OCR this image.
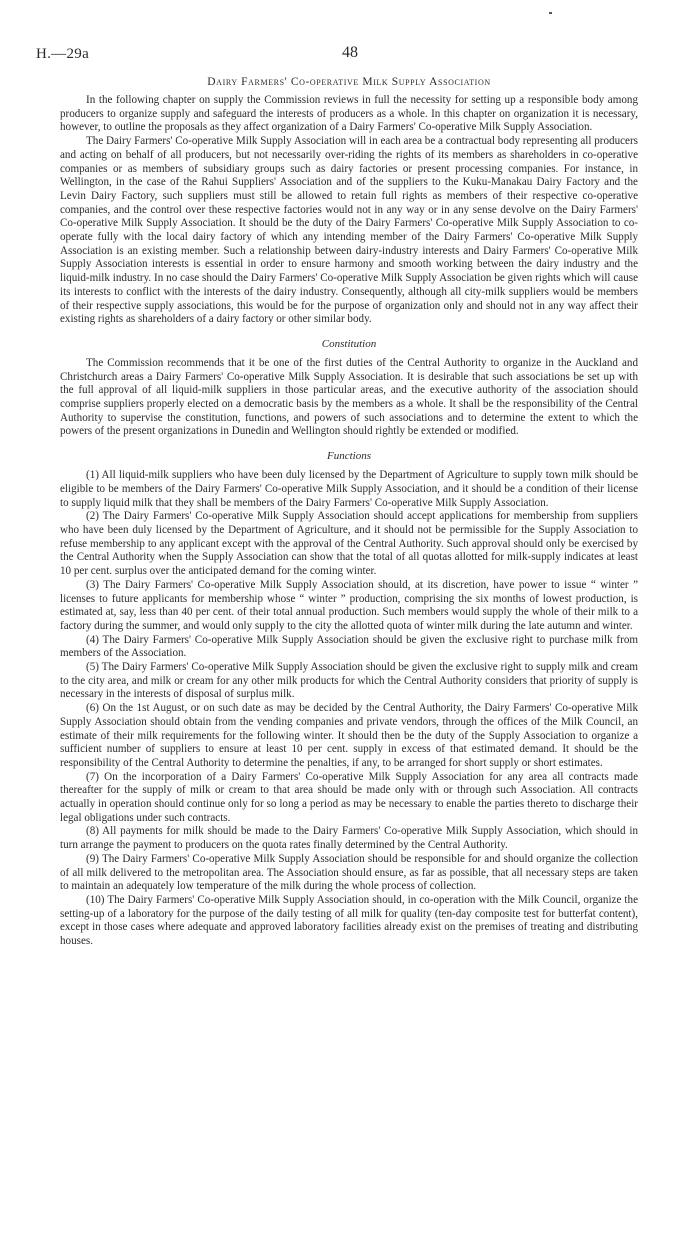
H.—29a	48
Dairy Farmers' Co-operative Milk Supply Association

In the following chapter on supply the Commission reviews in full the necessity for setting up a responsible body among producers to organize supply and safeguard the interests of producers as a whole. In this chapter on organization it is necessary, however, to outline the proposals as they affect organization of a Dairy Farmers' Co-operative Milk Supply Association.

The Dairy Farmers' Co-operative Milk Supply Association will in each area be a contractual body representing all producers and acting on behalf of all producers, but not necessarily over-riding the rights of its members as shareholders in co-operative companies or as members of subsidiary groups such as dairy factories or present processing companies. For instance, in Wellington, in the case of the Rahui Suppliers' Association and of the suppliers to the Kuku-Manakau Dairy Factory and the Levin Dairy Factory, such suppliers must still be allowed to retain full rights as members of their respective co-operative companies, and the control over these respective factories would not in any way or in any sense devolve on the Dairy Farmers' Co-operative Milk Supply Association. It should be the duty of the Dairy Farmers' Co-operative Milk Supply Association to co-operate fully with the local dairy factory of which any intending member of the Dairy Farmers' Co-operative Milk Supply Association is an existing member. Such a relationship between dairy-industry interests and Dairy Farmers' Co-operative Milk Supply Association interests is essential in order to ensure harmony and smooth working between the dairy industry and the liquid-milk industry. In no case should the Dairy Farmers' Co-operative Milk Supply Association be given rights which will cause its interests to conflict with the interests of the dairy industry. Consequently, although all city-milk suppliers would be members of their respective supply associations, this would be for the purpose of organization only and should not in any way affect their existing rights as shareholders of a dairy factory or other similar body.

Constitution

The Commission recommends that it be one of the first duties of the Central Authority to organize in the Auckland and Christchurch areas a Dairy Farmers' Co-operative Milk Supply Association. It is desirable that such associations be set up with the full approval of all liquid-milk suppliers in those particular areas, and the executive authority of the association should comprise suppliers properly elected on a democratic basis by the members as a whole. It shall be the responsibility of the Central Authority to supervise the constitution, functions, and powers of such associations and to determine the extent to which the powers of the present organizations in Dunedin and Wellington should rightly be extended or modified.

Functions

(1) All liquid-milk suppliers who have been duly licensed by the Department of Agriculture to supply town milk should be eligible to be members of the Dairy Farmers' Co-operative Milk Supply Association, and it should be a condition of their license to supply liquid milk that they shall be members of the Dairy Farmers' Co-operative Milk Supply Association.

(2) The Dairy Farmers' Co-operative Milk Supply Association should accept applications for membership from suppliers who have been duly licensed by the Department of Agriculture, and it should not be permissible for the Supply Association to refuse membership to any applicant except with the approval of the Central Authority. Such approval should only be exercised by the Central Authority when the Supply Association can show that the total of all quotas allotted for milk-supply indicates at least 10 per cent. surplus over the anticipated demand for the coming winter.

(3) The Dairy Farmers' Co-operative Milk Supply Association should, at its discretion, have power to issue “ winter ” licenses to future applicants for membership whose “ winter ” production, comprising the six months of lowest production, is estimated at, say, less than 40 per cent. of their total annual production. Such members would supply the whole of their milk to a factory during the summer, and would only supply to the city the allotted quota of winter milk during the late autumn and winter.

(4) The Dairy Farmers' Co-operative Milk Supply Association should be given the exclusive right to purchase milk from members of the Association.

(5) The Dairy Farmers' Co-operative Milk Supply Association should be given the exclusive right to supply milk and cream to the city area, and milk or cream for any other milk products for which the Central Authority considers that priority of supply is necessary in the interests of disposal of surplus milk.

(6) On the 1st August, or on such date as may be decided by the Central Authority, the Dairy Farmers' Co-operative Milk Supply Association should obtain from the vending companies and private vendors, through the offices of the Milk Council, an estimate of their milk requirements for the following winter. It should then be the duty of the Supply Association to organize a sufficient number of suppliers to ensure at least 10 per cent. supply in excess of that estimated demand. It should be the responsibility of the Central Authority to determine the penalties, if any, to be arranged for short supply or short estimates.

(7) On the incorporation of a Dairy Farmers' Co-operative Milk Supply Association for any area all contracts made thereafter for the supply of milk or cream to that area should be made only with or through such Association. All contracts actually in operation should continue only for so long a period as may be necessary to enable the parties thereto to discharge their legal obligations under such contracts.

(8) All payments for milk should be made to the Dairy Farmers' Co-operative Milk Supply Association, which should in turn arrange the payment to producers on the quota rates finally determined by the Central Authority.

(9) The Dairy Farmers' Co-operative Milk Supply Association should be responsible for and should organize the collection of all milk delivered to the metropolitan area. The Association should ensure, as far as possible, that all necessary steps are taken to maintain an adequately low temperature of the milk during the whole process of collection.

(10) The Dairy Farmers' Co-operative Milk Supply Association should, in co-operation with the Milk Council, organize the setting-up of a laboratory for the purpose of the daily testing of all milk for quality (ten-day composite test for butterfat content), except in those cases where adequate and approved laboratory facilities already exist on the premises of treating and distributing houses.
